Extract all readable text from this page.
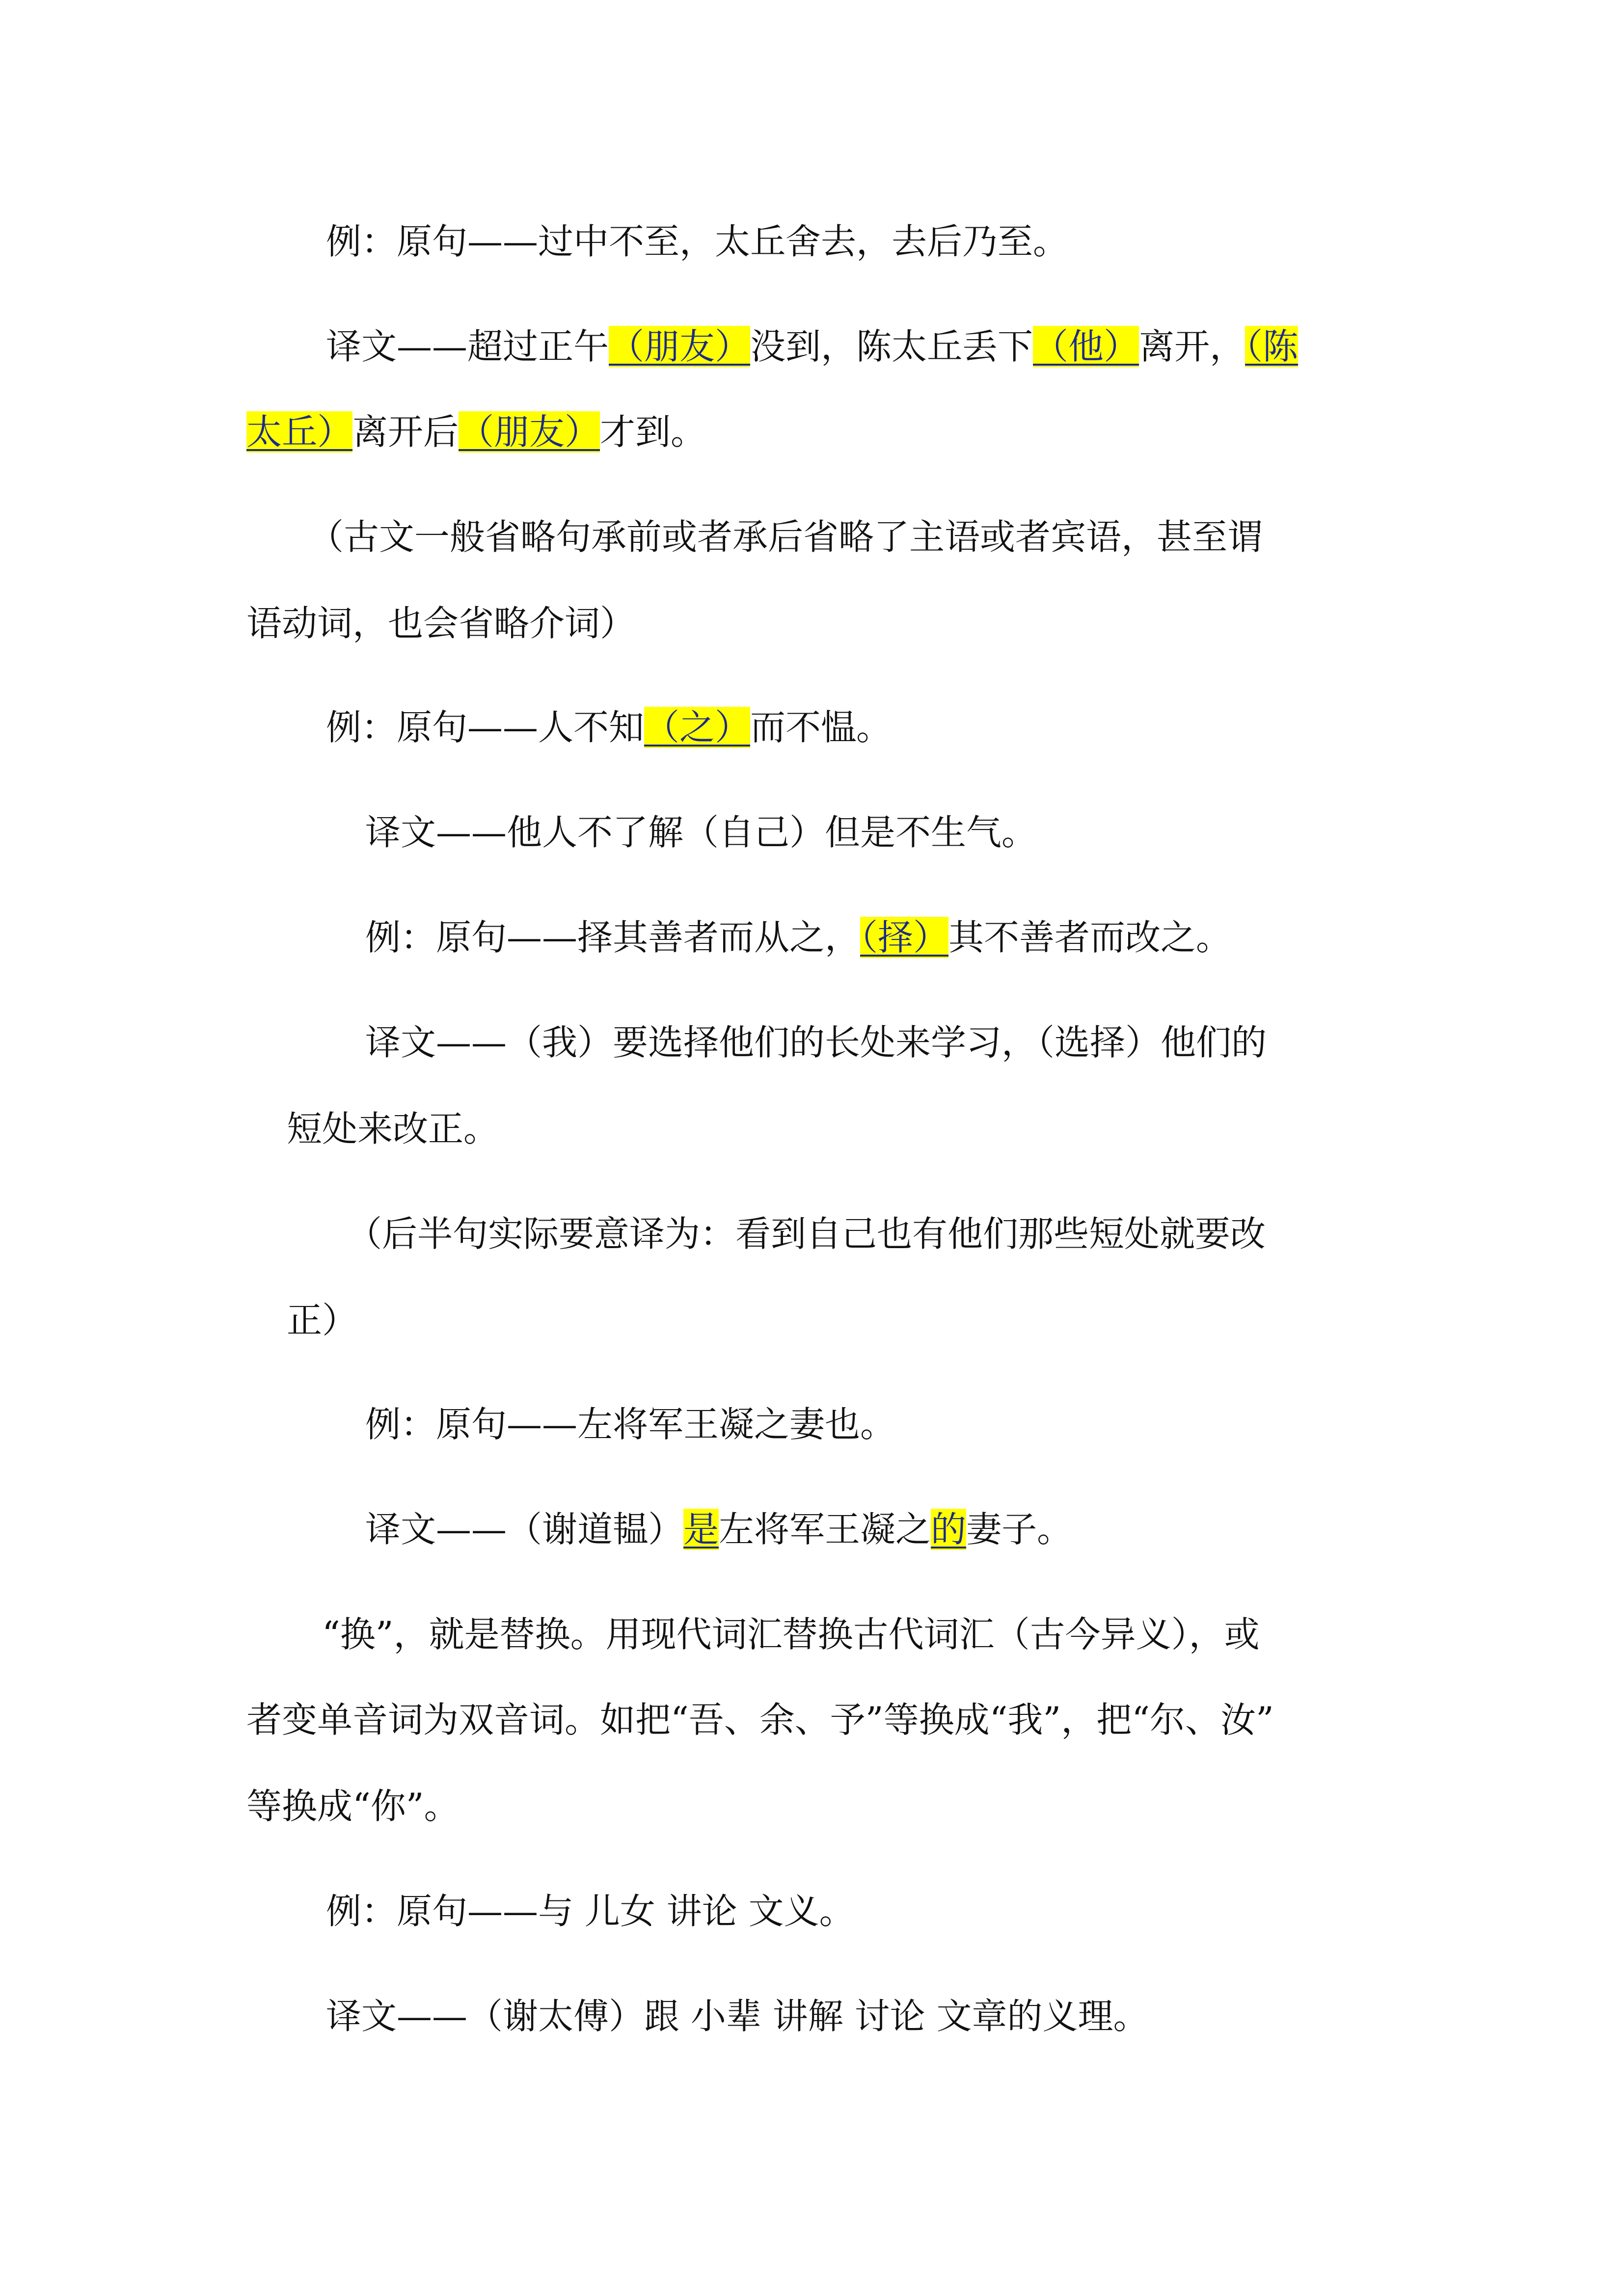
例：原句——过中不至，太丘舍去，去后乃至。
译文——超过正午（朋友）没到，陈太丘丢下（他）离开，（陈
太丘）离开后（朋友）才到。
（古文一般省略句承前或者承后省略了主语或者宾语，甚至谓
语动词，也会省略介词）
例：原句——人不知（之）而不愠。
译文——他人不了解（自己）但是不生气。
例：原句——择其善者而从之，（择）其不善者而改之。
译文——（我）要选择他们的长处来学习，（选择）他们的
短处来改正。
（后半句实际要意译为：看到自己也有他们那些短处就要改
正）
例：原句——左将军王凝之妻也。
译文——（谢道韫）是左将军王凝之的妻子。
“换”，就是替换。用现代词汇替换古代词汇（古今异义），或
者变单音词为双音词。如把“吾、余、予”等换成“我”，把“尔、汝”
等换成“你”。
例：原句——与 儿女 讲论 文义。
译文——（谢太傅）跟 小辈 讲解 讨论 文章的义理。
